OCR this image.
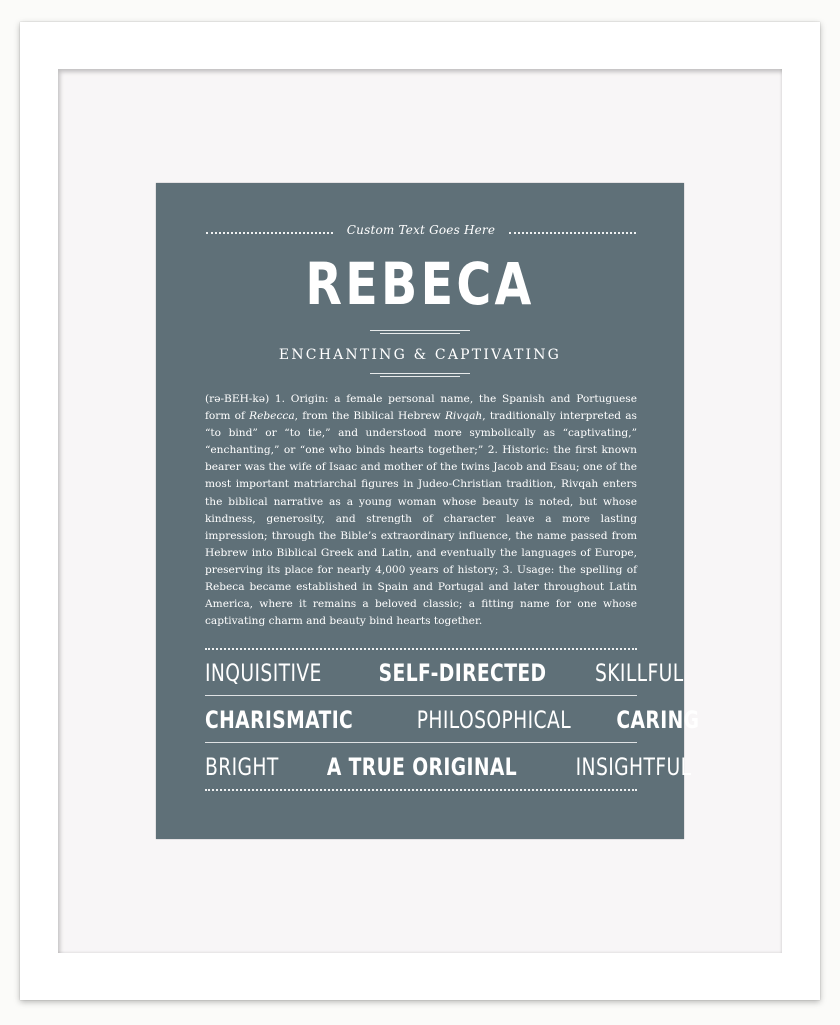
Custom Text Goes Here
REBECA
ENCHANTING & CAPTIVATING
(rə-BEH-kə) 1. Origin: a female personal name, the Spanish and Portuguese form of Rebecca, from the Biblical Hebrew Rivqah, traditionally interpreted as “to bind” or “to tie,” and understood more symbolically as “captivating,” “enchanting,” or “one who binds hearts together;” 2. Historic: the first known bearer was the wife of Isaac and mother of the twins Jacob and Esau; one of the most important matriarchal figures in Judeo-Christian tradition, Rivqah enters the biblical narrative as a young woman whose beauty is noted, but whose kindness, generosity, and strength of character leave a more lasting impression; through the Bible’s extraordinary influence, the name passed from Hebrew into Biblical Greek and Latin, and eventually the languages of Europe, preserving its place for nearly 4,000 years of history; 3. Usage: the spelling of Rebeca became established in Spain and Portugal and later throughout Latin America, where it remains a beloved classic; a fitting name for one whose captivating charm and beauty bind hearts together.
INQUISITIVE SELF-DIRECTED SKILLFUL
CHARISMATIC	PHILOSOPHICAL CARING
BRIGHT A TRUE ORIGINAL INSIGHTFUL
